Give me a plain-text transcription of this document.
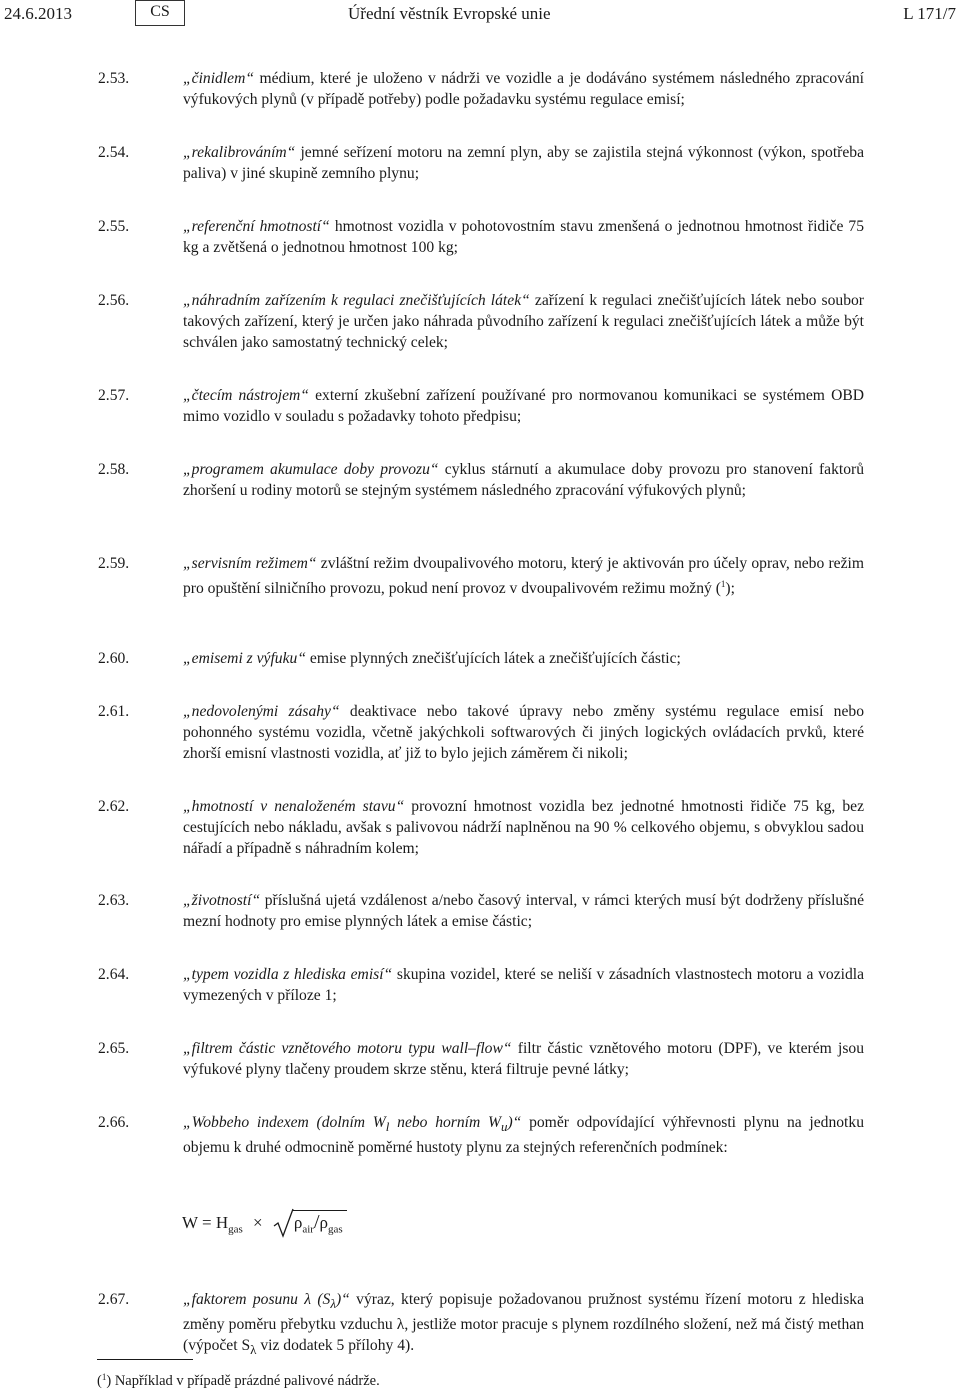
24.6.2013	CS	Úřední věstník Evropské unie	L 171/7
2.53.	„činidlem“ médium, které je uloženo v nádrži ve vozidle a je dodáváno systémem následného zpracování výfukových plynů (v případě potřeby) podle požadavku systému regulace emisí;
2.54.	„rekalibrováním“ jemné seřízení motoru na zemní plyn, aby se zajistila stejná výkonnost (výkon, spotřeba paliva) v jiné skupině zemního plynu;
2.55.	„referenční hmotností“ hmotnost vozidla v pohotovostním stavu zmenšená o jednotnou hmotnost řidiče 75 kg a zvětšená o jednotnou hmotnost 100 kg;
2.56.	„náhradním zařízením k regulaci znečišťujících látek“ zařízení k regulaci znečišťujících látek nebo soubor takových zařízení, který je určen jako náhrada původního zařízení k regulaci znečišťujících látek a může být schválen jako samostatný technický celek;
2.57.	„čtecím nástrojem“ externí zkušební zařízení používané pro normovanou komunikaci se systémem OBD mimo vozidlo v souladu s požadavky tohoto předpisu;
2.58.	„programem akumulace doby provozu“ cyklus stárnutí a akumulace doby provozu pro stanovení faktorů zhoršení u rodiny motorů se stejným systémem následného zpracování výfukových plynů;
2.59.	„servisním režimem“ zvláštní režim dvoupalivového motoru, který je aktivován pro účely oprav, nebo režim pro opuštění silničního provozu, pokud není provoz v dvoupalivovém režimu možný ($^1$);
2.60.	„emisemi z výfuku“ emise plynných znečišťujících látek a znečišťujících částic;
2.61.	„nedovolenými zásahy“ deaktivace nebo takové úpravy nebo změny systému regulace emisí nebo pohonného systému vozidla, včetně jakýchkoli softwarových či jiných logických ovládacích prvků, které zhorší emisní vlastnosti vozidla, ať již to bylo jejich záměrem či nikoli;
2.62.	„hmotností v nenaloženém stavu“ provozní hmotnost vozidla bez jednotné hmotnosti řidiče 75 kg, bez cestujících nebo nákladu, avšak s palivovou nádrží naplněnou na 90 % celkového objemu, s obvyklou sadou nářadí a případně s náhradním kolem;
2.63.	„životností“ příslušná ujetá vzdálenost a/nebo časový interval, v rámci kterých musí být dodrženy příslušné mezní hodnoty pro emise plynných látek a emise částic;
2.64.	„typem vozidla z hlediska emisí“ skupina vozidel, které se neliší v zásadních vlastnostech motoru a vozidla vymezených v příloze 1;
2.65.	„filtrem částic vznětového motoru typu wall–flow“ filtr částic vznětového motoru (DPF), ve kterém jsou výfukové plyny tlačeny proudem skrze stěnu, která filtruje pevné látky;
2.66.	„Wobbeho indexem (dolním $W_l$ nebo horním $W_u)“$ poměr odpovídající výhřevnosti plynu na jednotku objemu k druhé odmocnině poměrné hustoty plynu za stejných referenčních podmínek:
$W = H_{gas} \times \rho_{air}/\rho_{gas}$
2.67.	„faktorem posunu λ $(S_\lambda)“$ výraz, který popisuje požadovanou pružnost systému řízení motoru z hlediska změny poměru přebytku vzduchu λ, jestliže motor pracuje s plynem rozdílného složení, než má čistý methan (výpočet $S_\lambda$ viz dodatek 5 přílohy 4).
($^1$) Například v případě prázdné palivové nádrže.
